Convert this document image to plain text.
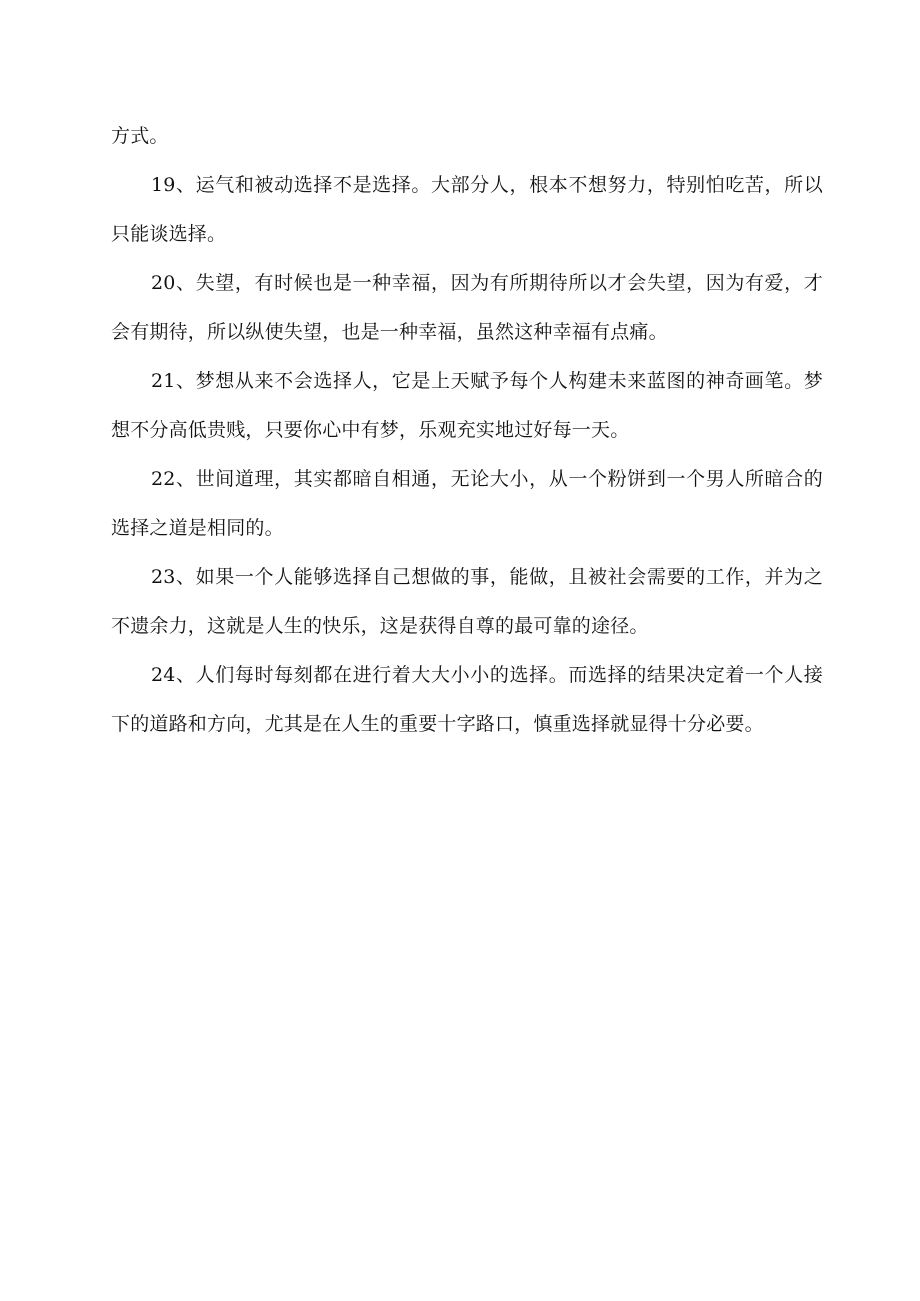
方式。

19、运气和被动选择不是选择。大部分人，根本不想努力，特别怕吃苦，所以只能谈选择。

20、失望，有时候也是一种幸福，因为有所期待所以才会失望，因为有爱，才会有期待，所以纵使失望，也是一种幸福，虽然这种幸福有点痛。

21、梦想从来不会选择人，它是上天赋予每个人构建未来蓝图的神奇画笔。梦想不分高低贵贱，只要你心中有梦，乐观充实地过好每一天。

22、世间道理，其实都暗自相通，无论大小，从一个粉饼到一个男人所暗合的选择之道是相同的。

23、如果一个人能够选择自己想做的事，能做，且被社会需要的工作，并为之不遗余力，这就是人生的快乐，这是获得自尊的最可靠的途径。

24、人们每时每刻都在进行着大大小小的选择。而选择的结果决定着一个人接下的道路和方向，尤其是在人生的重要十字路口，慎重选择就显得十分必要。
